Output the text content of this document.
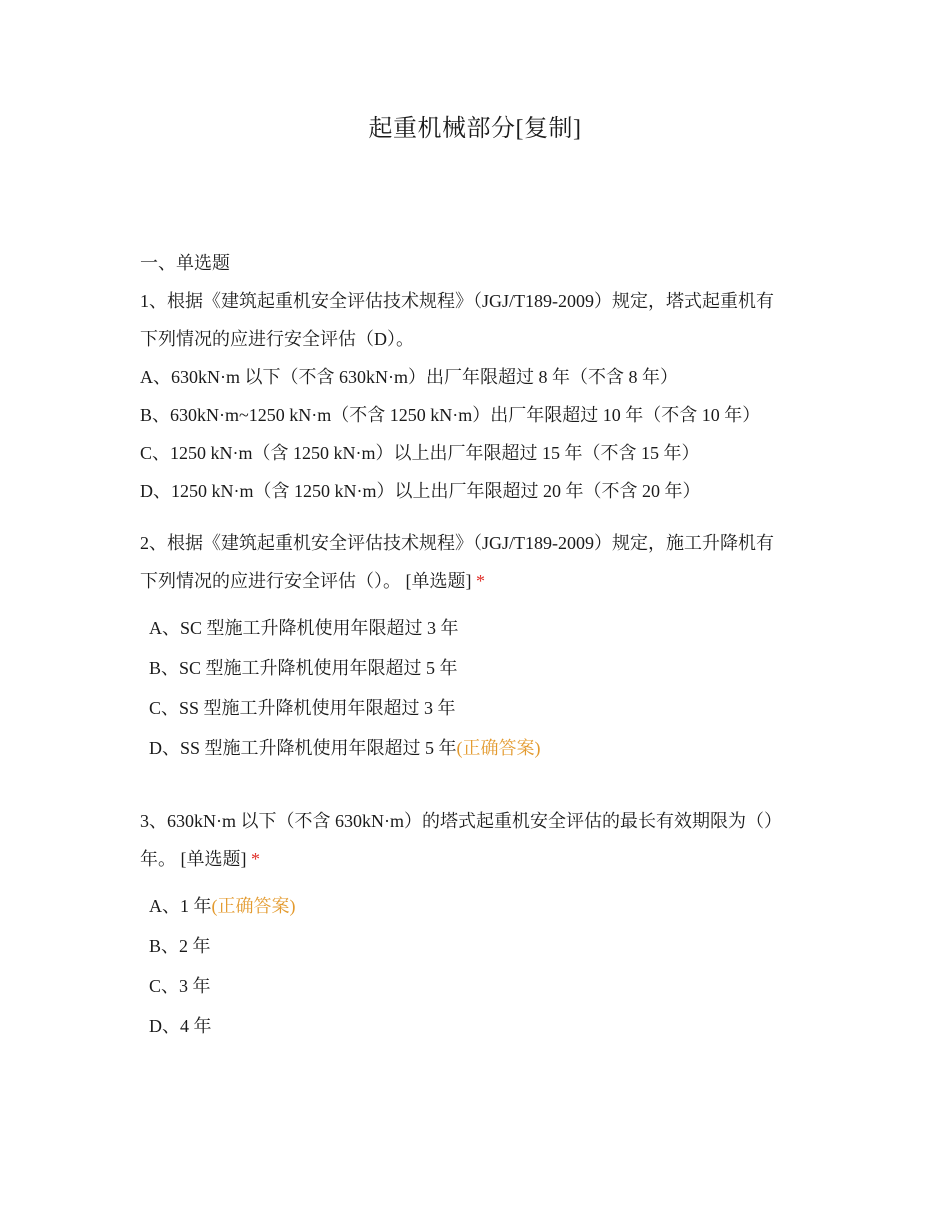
起重机械部分[复制]

一、单选题

1、根据《建筑起重机安全评估技术规程》（JGJ/T189-2009）规定，塔式起重机有
下列情况的应进行安全评估（D）。

A、630kN·m 以下（不含 630kN·m）出厂年限超过 8 年（不含 8 年）

B、630kN·m~1250 kN·m（不含 1250 kN·m）出厂年限超过 10 年（不含 10 年）

C、1250 kN·m（含 1250 kN·m）以上出厂年限超过 15 年（不含 15 年）

D、1250 kN·m（含 1250 kN·m）以上出厂年限超过 20 年（不含 20 年）

2、根据《建筑起重机安全评估技术规程》（JGJ/T189-2009）规定，施工升降机有
下列情况的应进行安全评估（）。 [单选题] *

A、SC 型施工升降机使用年限超过 3 年

B、SC 型施工升降机使用年限超过 5 年

C、SS 型施工升降机使用年限超过 3 年

D、SS 型施工升降机使用年限超过 5 年(正确答案)

3、630kN·m 以下（不含 630kN·m）的塔式起重机安全评估的最长有效期限为（）
年。 [单选题] *

A、1 年(正确答案)

B、2 年

C、3 年

D、4 年
